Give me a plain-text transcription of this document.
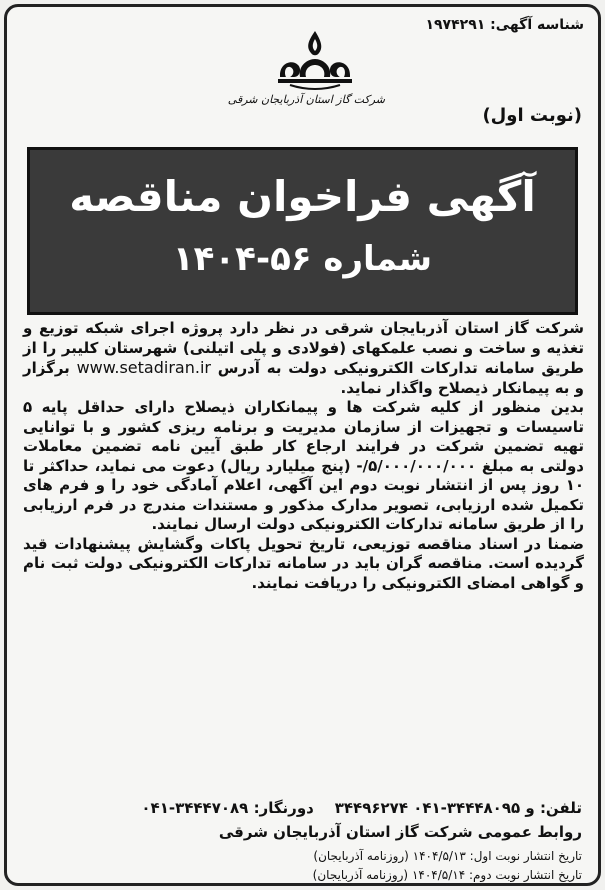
شناسه آگهی: ۱۹۷۴۲۹۱
شرکت گاز استان آذربایجان شرقی
(نوبت اول)
آگهی فراخوان مناقصه
شماره ۵۶-۱۴۰۴

شرکت گاز استان آذربایجان شرقی در نظر دارد پروژه اجرای شبکه توزیع و تغذیه و ساخت و نصب علمکهای (فولادی و پلی اتیلنی) شهرستان کلیبر را از طریق سامانه تدارکات الکترونیکی دولت به آدرس www.setadiran.ir برگزار و به پیمانکار ذیصلاح واگذار نماید.

بدین منظور از کلیه شرکت ها و پیمانکاران ذیصلاح دارای حداقل پایه ۵ تاسیسات و تجهیزات از سازمان مدیریت و برنامه ریزی کشور و با توانایی تهیه تضمین شرکت در فرایند ارجاع کار طبق آیین نامه تضمین معاملات دولتی به مبلغ ۵/۰۰۰/۰۰۰/۰۰۰/- (پنج میلیارد ریال) دعوت می نماید، حداکثر تا ۱۰ روز پس از انتشار نوبت دوم این آگهی، اعلام آمادگی خود را و فرم های تکمیل شده ارزیابی، تصویر مدارک مذکور و مستندات مندرج در فرم ارزیابی را از طریق سامانه تدارکات الکترونیکی دولت ارسال نمایند.

ضمنا در اسناد مناقصه توزیعی، تاریخ تحویل پاکات وگشایش پیشنهادات قید گردیده است. مناقصه گران باید در سامانه تدارکات الکترونیکی دولت ثبت نام و گواهی امضای الکترونیکی را دریافت نمایند.

تلفن: ۳۴۴۹۶۲۷۴ و ۳۴۴۴۸۰۹۵-۰۴۱    دورنگار: ۰۴۱-۳۴۴۴۷۰۸۹
روابط عمومی شرکت گاز استان آذربایجان شرقی
تاریخ انتشار نوبت اول: ۱۴۰۴/۵/۱۳ (روزنامه آذربایجان)
تاریخ انتشار نوبت دوم: ۱۴۰۴/۵/۱۴ (روزنامه آذربایجان)
